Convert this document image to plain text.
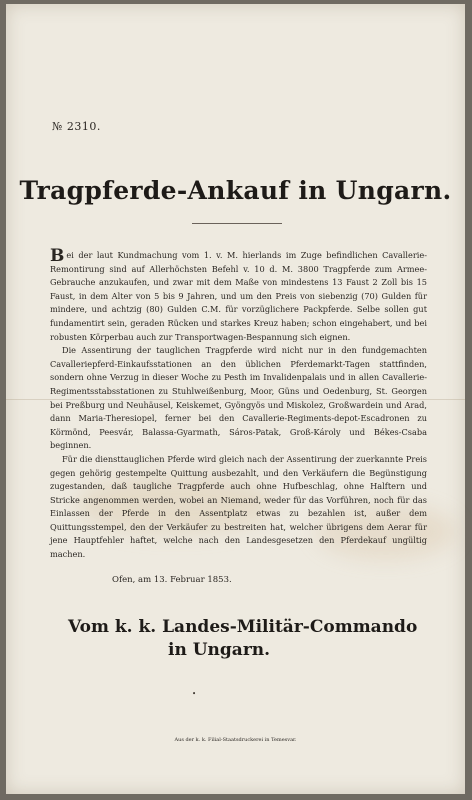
№ 2310.
Tragpferde-Ankauf in Ungarn.

Bei der laut Kundmachung vom 1. v. M. hierlands im Zuge befindlichen Cavallerie-Remontirung sind auf Allerhöchsten Befehl v. 10 d. M. 3800 Tragpferde zum Armee-Gebrauche anzukaufen, und zwar mit dem Maße von mindestens 13 Faust 2 Zoll bis 15 Faust, in dem Alter von 5 bis 9 Jahren, und um den Preis von siebenzig (70) Gulden für mindere, und achtzig (80) Gulden C.M. für vorzüglichere Packpferde. Selbe sollen gut fundamentirt sein, geraden Rücken und starkes Kreuz haben; schon eingehabert, und bei robusten Körperbau auch zur Transportwagen-Bespannung sich eignen.

Die Assentirung der tauglichen Tragpferde wird nicht nur in den fundgemachten Cavalleriepferd-Einkaufsstationen an den üblichen Pferdemarkt-Tagen stattfinden, sondern ohne Verzug in dieser Woche zu Pesth im Invalidenpalais und in allen Cavallerie-Regimentsstabsstationen zu Stuhlweißenburg, Moor, Güns und Oedenburg, St. Georgen bei Preßburg und Neuhäusel, Keiskemet, Gyöngyös und Miskolez, Großwardein und Arad, dann Maria-Theresiopel, ferner bei den Cavallerie-Regiments-depot-Escadronen zu Körmönd, Peesvár, Balassa-Gyarmath, Sáros-Patak, Groß-Károly und Békes-Csaba beginnen.

Für die diensttauglichen Pferde wird gleich nach der Assentirung der zuerkannte Preis gegen gehörig gestempelte Quittung ausbezahlt, und den Verkäufern die Begünstigung zugestanden, daß taugliche Tragpferde auch ohne Hufbeschlag, ohne Halftern und Stricke angenommen werden, wobei an Niemand, weder für das Vorführen, noch für das Einlassen der Pferde in den Assentplatz etwas zu bezahlen ist, außer dem Quittungsstempel, den der Verkäufer zu bestreiten hat, welcher übrigens dem Aerar für jene Hauptfehler haftet, welche nach den Landesgesetzen den Pferdekauf ungültig machen.

Ofen, am 13. Februar 1853.
Vom k. k. Landes-Militär-Commando
in Ungarn.
•
Aus der k. k. Filial-Staatsdruckerei in Temesvar.
